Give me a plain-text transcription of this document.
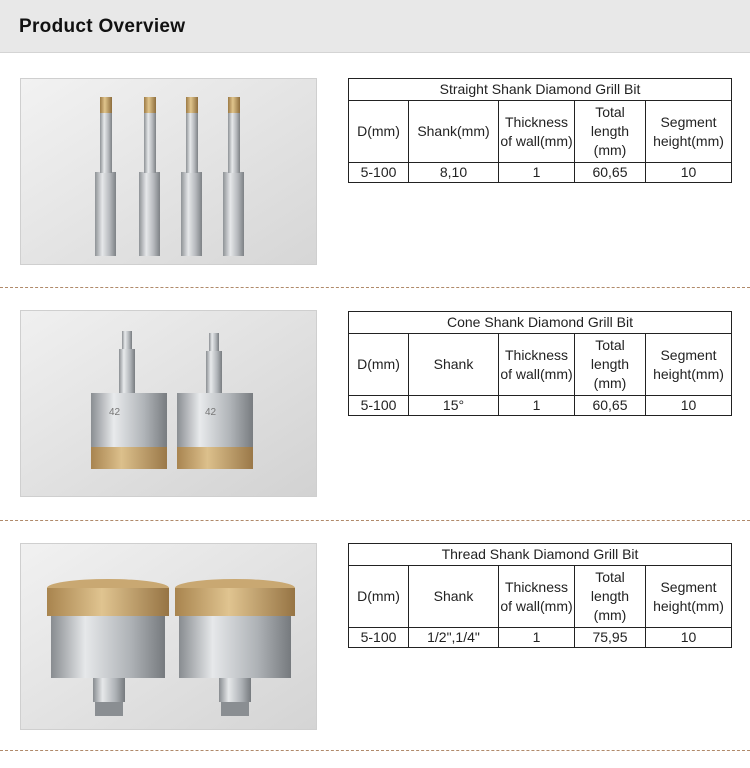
Product Overview
Straight Shank Diamond Grill Bit				
D(mm)	Shank(mm)	Thickness of wall(mm)	Total length (mm)	Segment height(mm)
5-100	8,10	1	60,65	10
42	42
Cone Shank Diamond Grill Bit				
D(mm)	Shank	Thickness of wall(mm)	Total length (mm)	Segment height(mm)
5-100	15°	1	60,65	10
Thread Shank Diamond Grill Bit				
D(mm)	Shank	Thickness of wall(mm)	Total length (mm)	Segment height(mm)
5-100	1/2",1/4"	1	75,95	10
